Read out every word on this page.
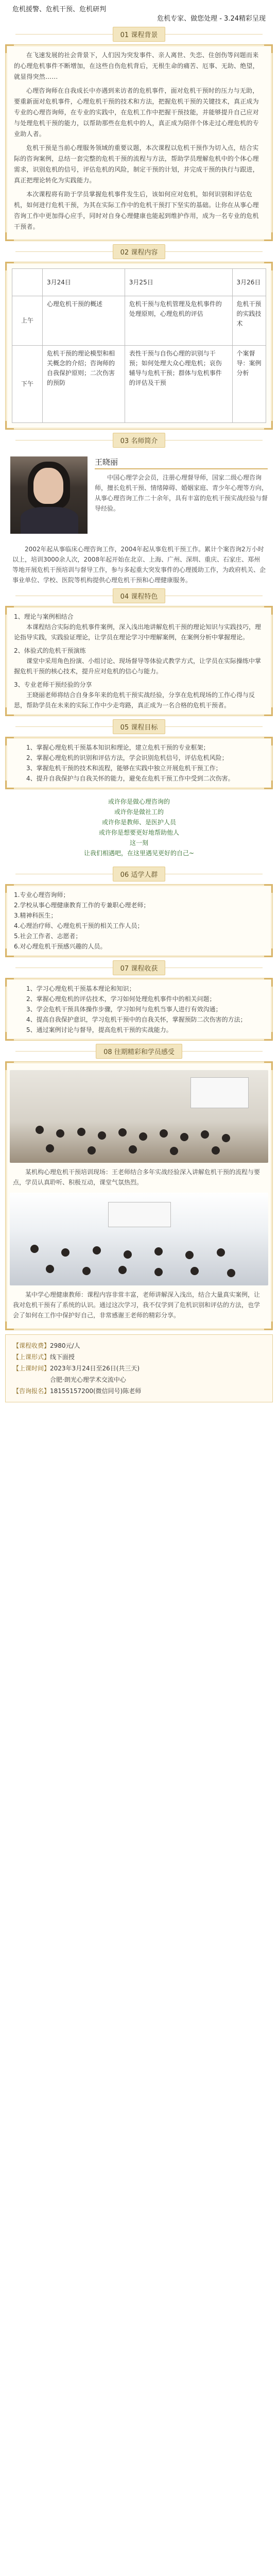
危机援警、危机干预、危机研判
危机专家、做您处理 - 3.24精彩呈现
01 课程背景

在飞速发展的社会背景下，人们因为突发事件、亲人离世、失恋、住创伤等问题而来的心理危机事件不断增加，在这些自伤危机背后，无根生命的痛苦、厄事、无助、绝望，就显得突然……

心理咨询师在自我成长中亦遇到来访者的危机事件，面对危机干预时的压力与无助，要重新面对危机事件，心理危机干预的技术和方法，把握危机干预的关键技术，真正成为专业的心理咨询师，在专业的实践中，在危机工作中把握干预技能，并能够提升自己应对与处理危机干预的能力，以帮助那些在危机中的人，真正成为陪伴个体走过心理危机的专业助人者。

危机干预是当前心理服务领域的重要议题，本次课程以危机干预作为切入点，结合实际的咨询案例，总结一套完整的危机干预的流程与方法，帮助学员理解危机中的个体心理需求，识别危机的信号，评估危机的风险，制定干预的计划，并完成干预的执行与跟进，真正把理论转化为实践能力。

本次课程将有助于学员掌握危机事件发生后，该如何应对危机，如何识别和评估危机，如何进行危机干预，为其在实际工作中的危机干预打下坚实的基础。让你在从事心理咨询工作中更加得心应手，同时对自身心理健康也能起到维护作用，成为一名专业的危机干预者。

02 课程内容
	3月24日	3月25日	3月26日
上午	心理危机干预的概述	危机干预与危机管理及危机事件的处理原则，心理危机的评估	危机干预的实践技术
下午	危机干预的理论模型和相关概念的介绍；咨询师的自我保护原则；二次伤害的预防	表性干预与自伤心理的识别与干预；如何处理大众心理危机；哀伤辅导与危机干预；群体与危机事件的评估及干预	个案督导：案例分析
03 名师简介
王晓丽

中国心理学会会员，注册心理督导师，国家二级心理咨询师，擅长危机干预、情绪障碍、婚姻家庭、青少年心理等方向，从事心理咨询工作二十余年，具有丰富的危机干预实战经验与督导经验。

2002年起从事临床心理咨询工作，2004年起从事危机干预工作。累计个案咨询2万小时以上，培训3000余人次，2008年起开始在北京、上海、广州、深圳、重庆、石家庄、郑州等地开展危机干预培训与督导工作，参与多起重大突发事件的心理援助工作，为政府机关、企事业单位、学校、医院等机构提供心理危机干预和心理健康服务。

04 课程特色

1、理论与案例相结合

本课程结合实际的危机事件案例，深入浅出地讲解危机干预的理论知识与实践技巧，理论指导实践，实践验证理论，让学员在理论学习中理解案例，在案例分析中掌握理论。

2、体验式的危机干预演练

课堂中采用角色扮演、小组讨论、现场督导等体验式教学方式，让学员在实际操练中掌握危机干预的核心技术，提升应对危机的信心与能力。

3、专业老师干预经验的分享

王晓丽老师将结合自身多年来的危机干预实战经验，分享在危机现场的工作心得与反思，帮助学员在未来的实际工作中少走弯路，真正成为一名合格的危机干预者。

05 课程目标

1、掌握心理危机干预基本知识和理论，建立危机干预的专业框架；

2、掌握心理危机的识别和评估方法，学会识别危机信号，评估危机风险；

3、掌握危机干预的技术和流程，能够在实践中独立开展危机干预工作；

4、提升自我保护与自我关怀的能力，避免在危机干预工作中受到二次伤害。

或许你是做心理咨询的
或许你是做社工的
或许你是教师、是医护人员
或许你是想要更好地帮助他人
这一刻
让我们相遇吧，在这里遇见更好的自己~
06 适学人群

1.专业心理咨询师；

2.学校从事心理健康教育工作的专兼职心理老师；

3.精神科医生；

4.心理治疗师、心理危机干预的相关工作人员；

5.社会工作者、志愿者；

6.对心理危机干预感兴趣的人员。

07 课程收获

1、学习心理危机干预基本理论和知识；

2、掌握心理危机的评估技术，学习如何处理危机事件中的相关问题；

3、学会危机干预具体操作步骤，学习如何与危机当事人进行有效沟通；

4、提高自我保护意识，学习危机干预中的自我关怀，掌握预防二次伤害的方法；

5、通过案例讨论与督导，提高危机干预的实战能力。

08 往期精彩和学员感受

某机构心理危机干预培训现场：王老师结合多年实战经验深入讲解危机干预的流程与要点，学员认真聆听、积极互动，课堂气氛热烈。

某中学心理健康教师：课程内容非常丰富，老师讲解深入浅出，结合大量真实案例，让我对危机干预有了系统的认识。通过这次学习，我不仅学到了危机识别和评估的方法，也学会了如何在工作中保护好自己，非常感谢王老师的精彩分享。

【课程收费】2980元/人
【上课形式】线下面授
【上课时间】2023年3月24日至26日(共三天)
合肥·朗光心理学术交流中心
【咨询报名】18155157200(微信同号)陈老师
